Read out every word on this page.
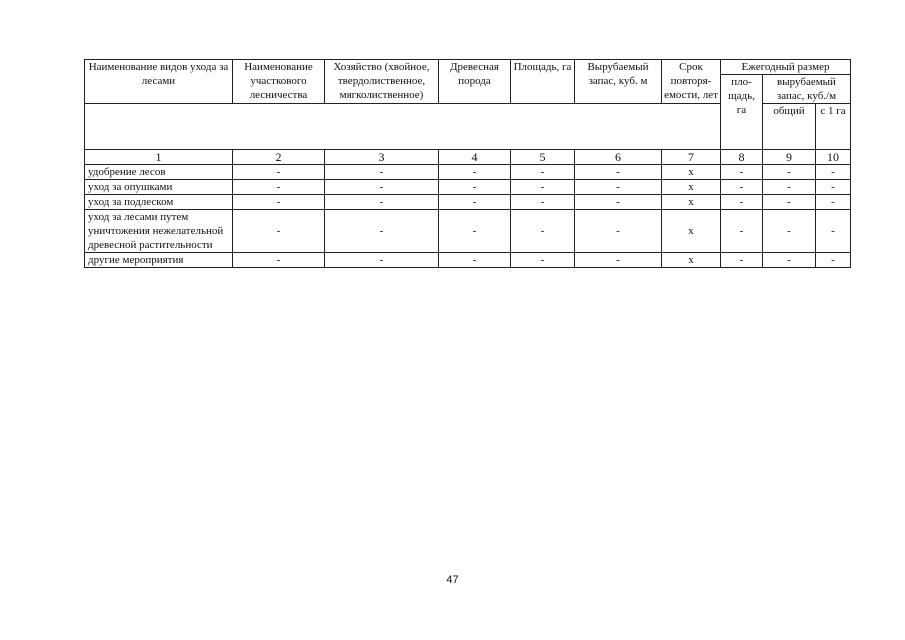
Наименование видов ухода за лесами	Наименование участкового лесничества	Хозяйство (хвойное, твердолиственное, мягколиственное)	Древесная порода	Площадь, га	Вырубаемый запас, куб. м	Срок повторя-емости, лет	Ежегодный размер		
							пло-щадь, га	вырубаемый запас, куб./м	
								общий	с 1 га
1	2	3	4	5	6	7	8	9	10
удобрение лесов	-	-	-	-	-	х	-	-	-
уход за опушками	-	-	-	-	-	х	-	-	-
уход за подлеском	-	-	-	-	-	х	-	-	-
уход за лесами путем уничтожения нежелательной древесной растительности	-	-	-	-	-	х	-	-	-
другие мероприятия	-	-	-	-	-	х	-	-	-
47
